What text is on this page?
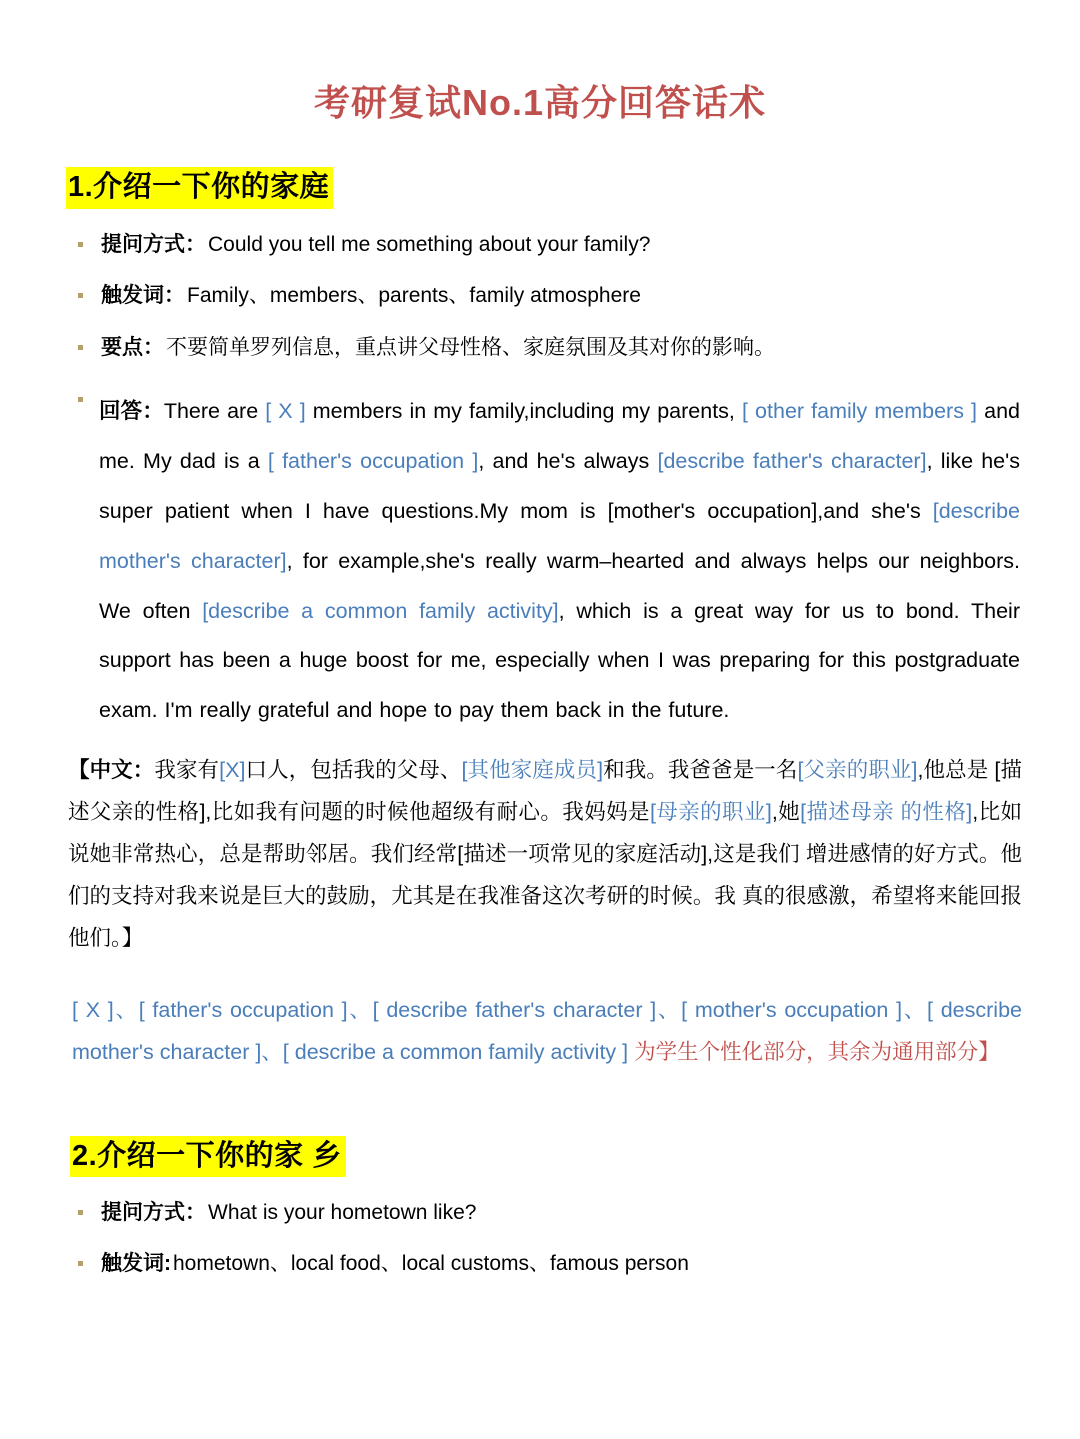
考研复试No.1高分回答话术
1.介绍一下你的家庭
提问方式： Could you tell me something about your family?
触发词： Family、members、parents、family atmosphere
要点： 不要简单罗列信息，重点讲父母性格、家庭氛围及其对你的影响。
回答：There are [ X ] members in my family,including my parents, [ other family members ] and me. My dad is a [ father's occupation ], and he's always [describe father's character], like he's super patient when I have questions.My mom is [mother's occupation],and she's [describe mother's character], for example,she's really warm–hearted and always helps our neighbors. We often [describe a common family activity], which is a great way for us to bond. Their support has been a huge boost for me, especially when I was preparing for this postgraduate exam. I'm really grateful and hope to pay them back in the future.
【中文：我家有[X]口人，包括我的父母、[其他家庭成员]和我。我爸爸是一名[父亲的职业],他总是 [描述父亲的性格],比如我有问题的时候他超级有耐心。我妈妈是[母亲的职业],她[描述母亲 的性格],比如说她非常热心，总是帮助邻居。我们经常[描述一项常见的家庭活动],这是我们 增进感情的好方式。他们的支持对我来说是巨大的鼓励，尤其是在我准备这次考研的时候。我 真的很感激，希望将来能回报他们。】
[ X ]、[ father's occupation ]、[ describe father's character ]、[ mother's occupation ]、[ describe mother's character ]、[ describe a common family activity ] 为学生个性化部分，其余为通用部分】
2.介绍一下你的家 乡
提问方式： What is your hometown like?
触发词: hometown、local food、local customs、famous person
